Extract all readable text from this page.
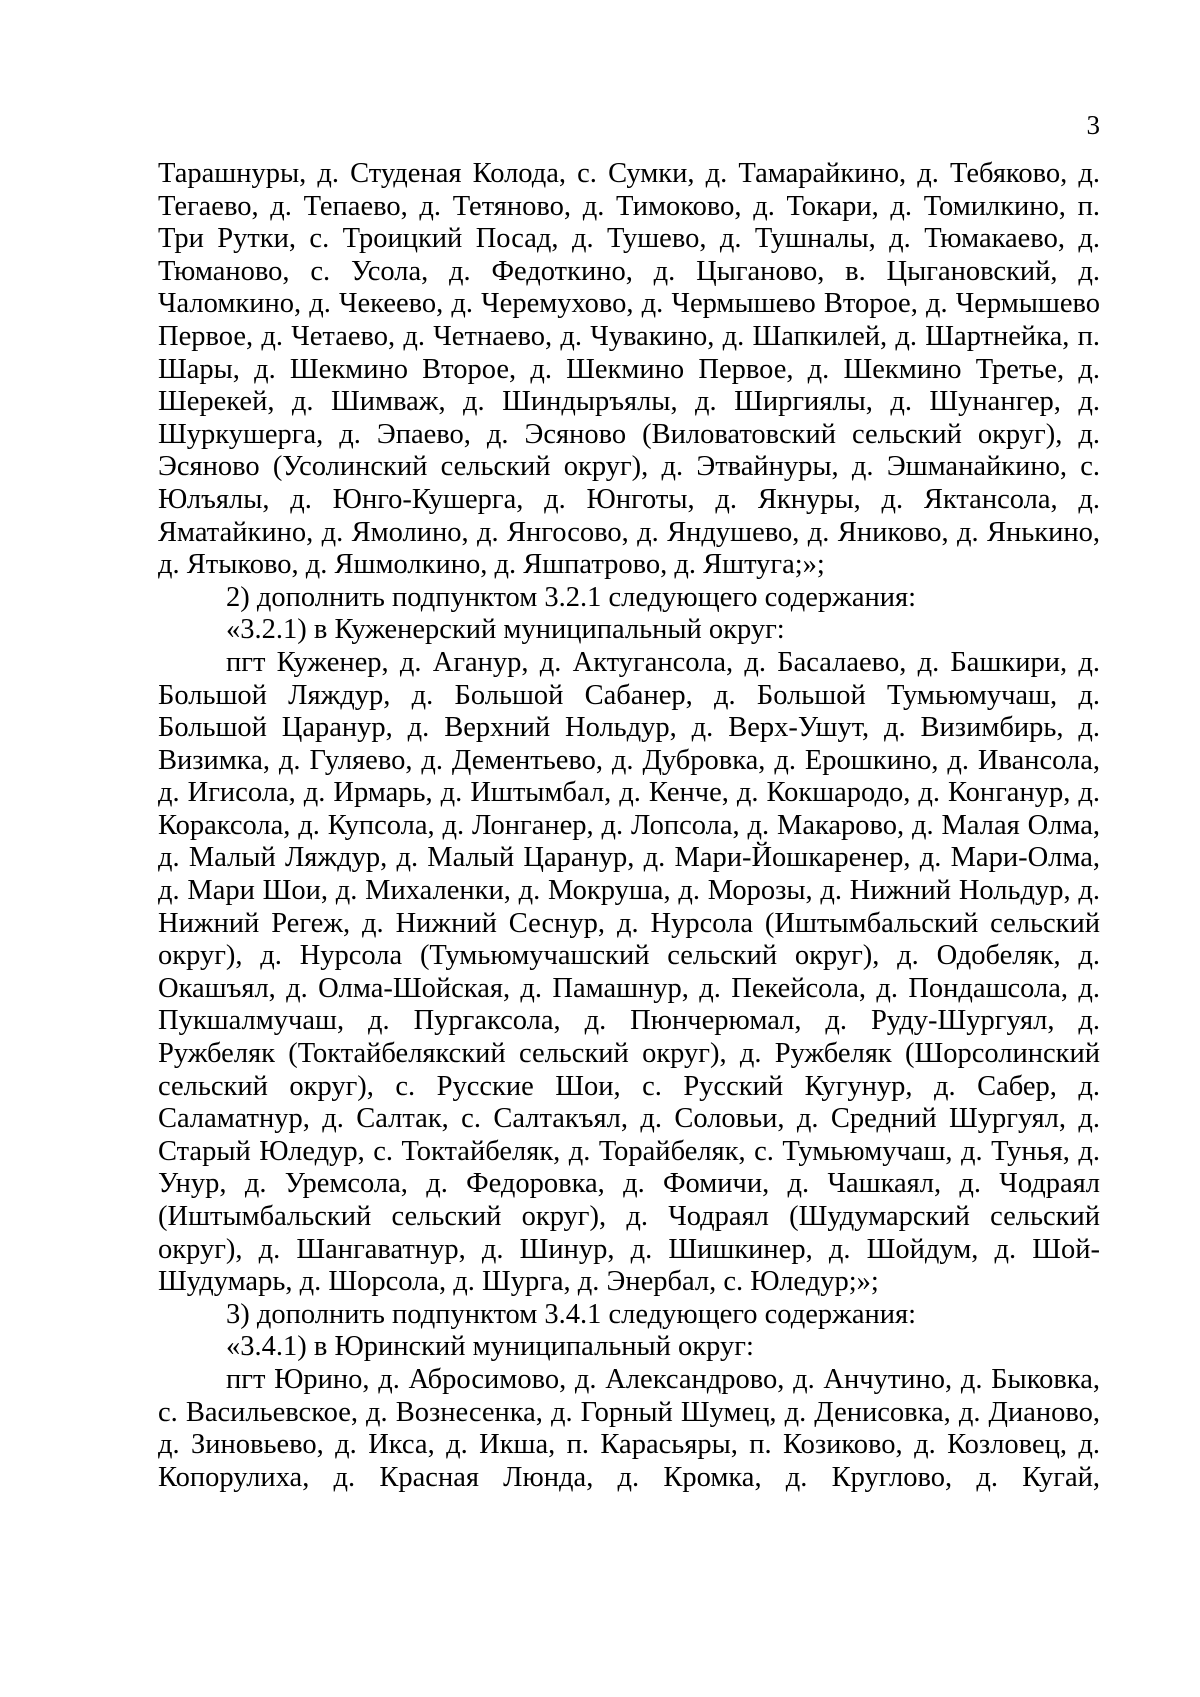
3

Тарашнуры, д. Студеная Колода, с. Сумки, д. Тамарайкино, д. Тебяково, д. Тегаево, д. Тепаево, д. Тетяново, д. Тимоково, д. Токари, д. Томилкино, п. Три Рутки, с. Троицкий Посад, д. Тушево, д. Тушналы, д. Тюмакаево, д. Тюманово, с. Усола, д. Федоткино, д. Цыганово, в. Цыгановский, д. Чаломкино, д. Чекеево, д. Черемухово, д. Чермышево Второе, д. Чермышево Первое, д. Четаево, д. Четнаево, д. Чувакино, д. Шапкилей, д. Шартнейка, п. Шары, д. Шекмино Второе, д. Шекмино Первое, д. Шекмино Третье, д. Шерекей, д. Шимваж, д. Шиндыръялы, д. Ширгиялы, д. Шунангер, д. Шуркушерга, д. Эпаево, д. Эсяново (Виловатовский сельский округ), д. Эсяново (Усолинский сельский округ), д. Этвайнуры, д. Эшманайкино, с. Юлъялы, д. Юнго-Кушерга, д. Юнготы, д. Якнуры, д. Яктансола, д. Яматайкино, д. Ямолино, д. Янгосово, д. Яндушево, д. Яниково, д. Янькино, д. Ятыково, д. Яшмолкино, д. Яшпатрово, д. Яштуга;»;

2) дополнить подпунктом 3.2.1 следующего содержания:

«3.2.1) в Куженерский муниципальный округ:

пгт Куженер, д. Аганур, д. Актугансола, д. Басалаево, д. Башкири, д. Большой Ляждур, д. Большой Сабанер, д. Большой Тумьюмучаш, д. Большой Царанур, д. Верхний Нольдур, д. Верх-Ушут, д. Визимбирь, д. Визимка, д. Гуляево, д. Дементьево, д. Дубровка, д. Ерошкино, д. Ивансола, д. Игисола, д. Ирмарь, д. Иштымбал, д. Кенче, д. Кокшародо, д. Конганур, д. Кораксола, д. Купсола, д. Лонганер, д. Лопсола, д. Макарово, д. Малая Олма, д. Малый Ляждур, д. Малый Царанур, д. Мари-Йошкаренер, д. Мари-Олма, д. Мари Шои, д. Михаленки, д. Мокруша, д. Морозы, д. Нижний Нольдур, д. Нижний Регеж, д. Нижний Сеснур, д. Нурсола (Иштымбальский сельский округ), д. Нурсола (Тумьюмучашский сельский округ), д. Одобеляк, д. Окашъял, д. Олма-Шойская, д. Памашнур, д. Пекейсола, д. Пондашсола, д. Пукшалмучаш, д. Пургаксола, д. Пюнчерюмал, д. Руду-Шургуял, д. Ружбеляк (Токтайбелякский сельский округ), д. Ружбеляк (Шорсолинский сельский округ), с. Русские Шои, с. Русский Кугунур, д. Сабер, д. Саламатнур, д. Салтак, с. Салтакъял, д. Соловьи, д. Средний Шургуял, д. Старый Юледур, с. Токтайбеляк, д. Торайбеляк, с. Тумьюмучаш, д. Тунья, д. Унур, д. Уремсола, д. Федоровка, д. Фомичи, д. Чашкаял, д. Чодраял (Иштымбальский сельский округ), д. Чодраял (Шудумарский сельский округ), д. Шангаватнур, д. Шинур, д. Шишкинер, д. Шойдум, д. Шой-Шудумарь, д. Шорсола, д. Шурга, д. Энербал, с. Юледур;»;

3) дополнить подпунктом 3.4.1 следующего содержания:

«3.4.1) в Юринский муниципальный округ:

пгт Юрино, д. Абросимово, д. Александрово, д. Анчутино, д. Быковка, с. Васильевское, д. Вознесенка, д. Горный Шумец, д. Денисовка, д. Дианово, д. Зиновьево, д. Икса, д. Икша, п. Карасьяры, п. Козиково, д. Козловец, д. Копорулиха, д. Красная Люнда, д. Кромка, д. Круглово, д. Кугай,
